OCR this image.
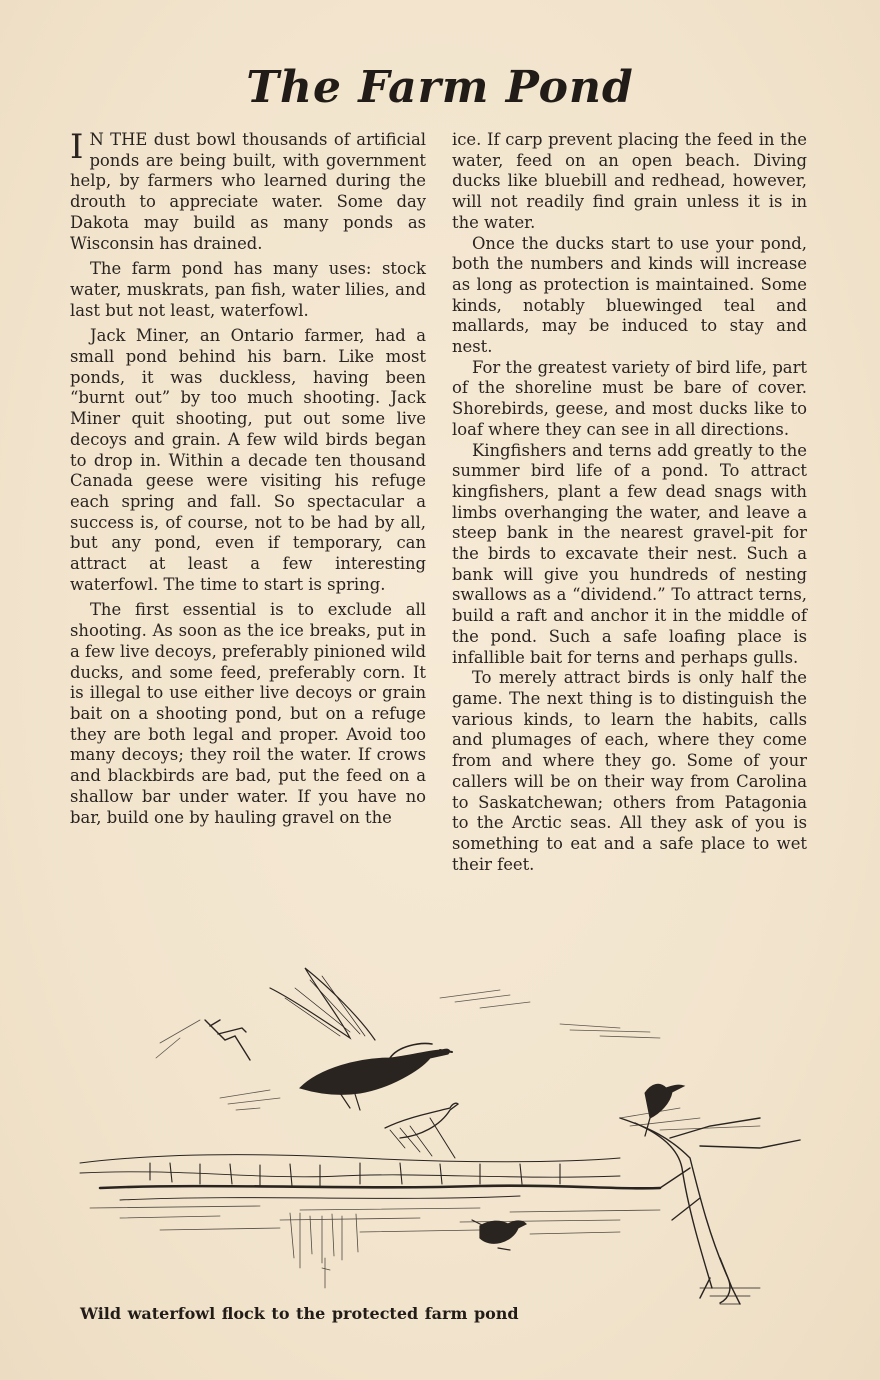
The Farm Pond

I N THE dust bowl thousands of artificial ponds are being built, with government help, by farmers who learned during the drouth to appreciate water. Some day Dakota may build as many ponds as Wisconsin has drained.

The farm pond has many uses: stock water, muskrats, pan fish, water lilies, and last but not least, waterfowl.

Jack Miner, an Ontario farmer, had a small pond behind his barn. Like most ponds, it was duckless, having been “burnt out” by too much shooting. Jack Miner quit shooting, put out some live decoys and grain. A few wild birds began to drop in. Within a decade ten thousand Canada geese were visiting his refuge each spring and fall. So spectacular a success is, of course, not to be had by all, but any pond, even if temporary, can attract at least a few interesting waterfowl. The time to start is spring.

The first essential is to exclude all shooting. As soon as the ice breaks, put in a few live decoys, preferably pinioned wild ducks, and some feed, preferably corn. It is illegal to use either live decoys or grain bait on a shooting pond, but on a refuge they are both legal and proper. Avoid too many decoys; they roil the water. If crows and blackbirds are bad, put the feed on a shallow bar under water. If you have no bar, build one by hauling gravel on the

ice. If carp prevent placing the feed in the water, feed on an open beach. Diving ducks like bluebill and redhead, however, will not readily find grain unless it is in the water.

Once the ducks start to use your pond, both the numbers and kinds will increase as long as protection is maintained. Some kinds, notably bluewinged teal and mallards, may be induced to stay and nest.

For the greatest variety of bird life, part of the shoreline must be bare of cover. Shorebirds, geese, and most ducks like to loaf where they can see in all directions.

Kingfishers and terns add greatly to the summer bird life of a pond. To attract kingfishers, plant a few dead snags with limbs overhanging the water, and leave a steep bank in the nearest gravel-pit for the birds to excavate their nest. Such a bank will give you hundreds of nesting swallows as a “dividend.” To attract terns, build a raft and anchor it in the middle of the pond. Such a safe loafing place is infallible bait for terns and perhaps gulls.

To merely attract birds is only half the game. The next thing is to distinguish the various kinds, to learn the habits, calls and plumages of each, where they come from and where they go. Some of your callers will be on their way from Carolina to Saskatchewan; others from Patagonia to the Arctic seas. All they ask of you is something to eat and a safe place to wet their feet.

Wild waterfowl flock to the protected farm pond
